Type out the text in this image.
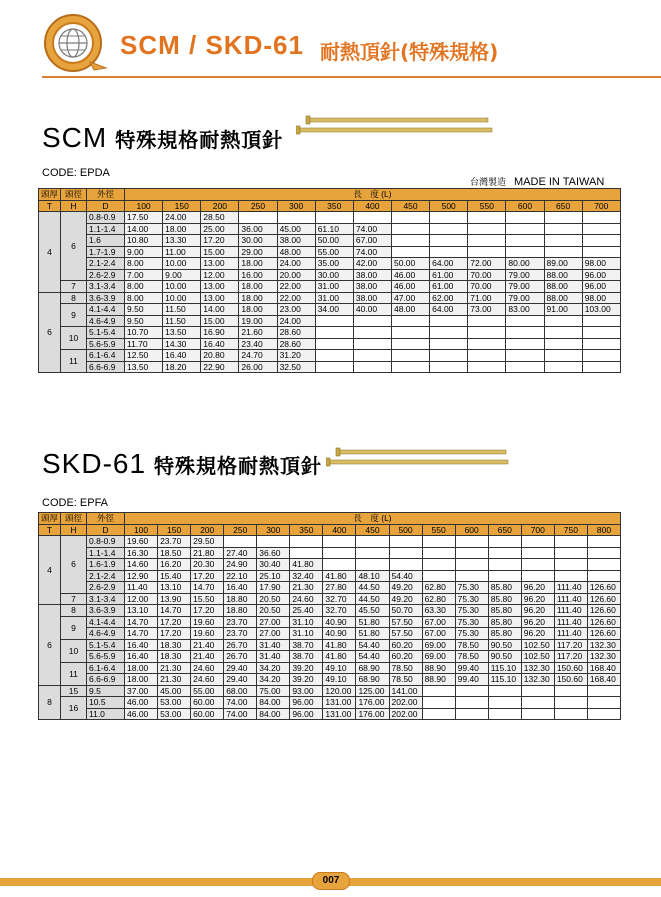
SCM / SKD-61 耐熱頂針(特殊規格)
SCM 特殊規格耐熱頂針
CODE: EPDA
台灣製造 MADE IN TAIWAN
頭厚	頭徑	外徑	長　度 (L)												
T	H	D	100	150	200	250	300	350	400	450	500	550	600	650	700
4	6	0.8-0.9	17.50	24.00	28.50										
		1.1-1.4	14.00	18.00	25.00	36.00	45.00	61.10	74.00						
		1.6	10.80	13.30	17.20	30.00	38.00	50.00	67.00						
		1.7-1.9	9.00	11.00	15.00	29.00	48.00	55.00	74.00						
		2.1-2.4	8.00	10.00	13.00	18.00	24.00	35.00	42.00	50.00	64.00	72.00	80.00	89.00	98.00
		2.6-2.9	7.00	9.00	12.00	16.00	20.00	30.00	38.00	46.00	61.00	70.00	79.00	88.00	96.00
	7	3.1-3.4	8.00	10.00	13.00	18.00	22.00	31.00	38.00	46.00	61.00	70.00	79.00	88.00	96.00
6	8	3.6-3.9	8.00	10.00	13.00	18.00	22.00	31.00	38.00	47.00	62.00	71.00	79.00	88.00	98.00
	9	4.1-4.4	9.50	11.50	14.00	18.00	23.00	34.00	40.00	48.00	64.00	73.00	83.00	91.00	103.00
		4.6-4.9	9.50	11.50	15.00	19.00	24.00								
	10	5.1-5.4	10.70	13.50	16.90	21.60	28.60								
		5.6-5.9	11.70	14.30	16.40	23.40	28.60								
	11	6.1-6.4	12.50	16.40	20.80	24.70	31.20								
		6.6-6.9	13.50	18.20	22.90	26.00	32.50								
SKD-61 特殊規格耐熱頂針
CODE: EPFA
頭厚	頭徑	外徑	長　度 (L)														
T	H	D	100	150	200	250	300	350	400	450	500	550	600	650	700	750	800
4	6	0.8-0.9	19.60	23.70	29.50												
		1.1-1.4	16.30	18.50	21.80	27.40	36.60										
		1.6-1.9	14.60	16.20	20.30	24.90	30.40	41.80									
		2.1-2.4	12.90	15.40	17.20	22.10	25.10	32.40	41.80	48.10	54.40						
		2.6-2.9	11.40	13.10	14.70	16.40	17.90	21.30	27.80	44.50	49.20	62.80	75.30	85.80	96.20	111.40	126.60
	7	3.1-3.4	12.00	13.90	15.50	18.80	20.50	24.60	32.70	44.50	49.20	62.80	75.30	85.80	96.20	111.40	126.60
6	8	3.6-3.9	13.10	14.70	17.20	18.80	20.50	25.40	32.70	45.50	50.70	63.30	75.30	85.80	96.20	111.40	126.60
	9	4.1-4.4	14.70	17.20	19.60	23.70	27.00	31.10	40.90	51.80	57.50	67.00	75.30	85.80	96.20	111.40	126.60
		4.6-4.9	14.70	17.20	19.60	23.70	27.00	31.10	40.90	51.80	57.50	67.00	75.30	85.80	96.20	111.40	126.60
	10	5.1-5.4	16.40	18.30	21.40	26.70	31.40	38.70	41.80	54.40	60.20	69.00	78.50	90.50	102.50	117.20	132.30
		5.6-5.9	16.40	18.30	21.40	26.70	31.40	38.70	41.80	54.40	60.20	69.00	78.50	90.50	102.50	117.20	132.30
	11	6.1-6.4	18.00	21.30	24.60	29.40	34.20	39.20	49.10	68.90	78.50	88.90	99.40	115.10	132.30	150.60	168.40
		6.6-6.9	18.00	21.30	24.60	29.40	34.20	39.20	49.10	68.90	78.50	88.90	99.40	115.10	132.30	150.60	168.40
8	15	9.5	37.00	45.00	55.00	68.00	75.00	93.00	120.00	125.00	141.00						
	16	10.5	46.00	53.00	60.00	74.00	84.00	96.00	131.00	176.00	202.00						
		11.0	46.00	53.00	60.00	74.00	84.00	96.00	131.00	176.00	202.00						
007
